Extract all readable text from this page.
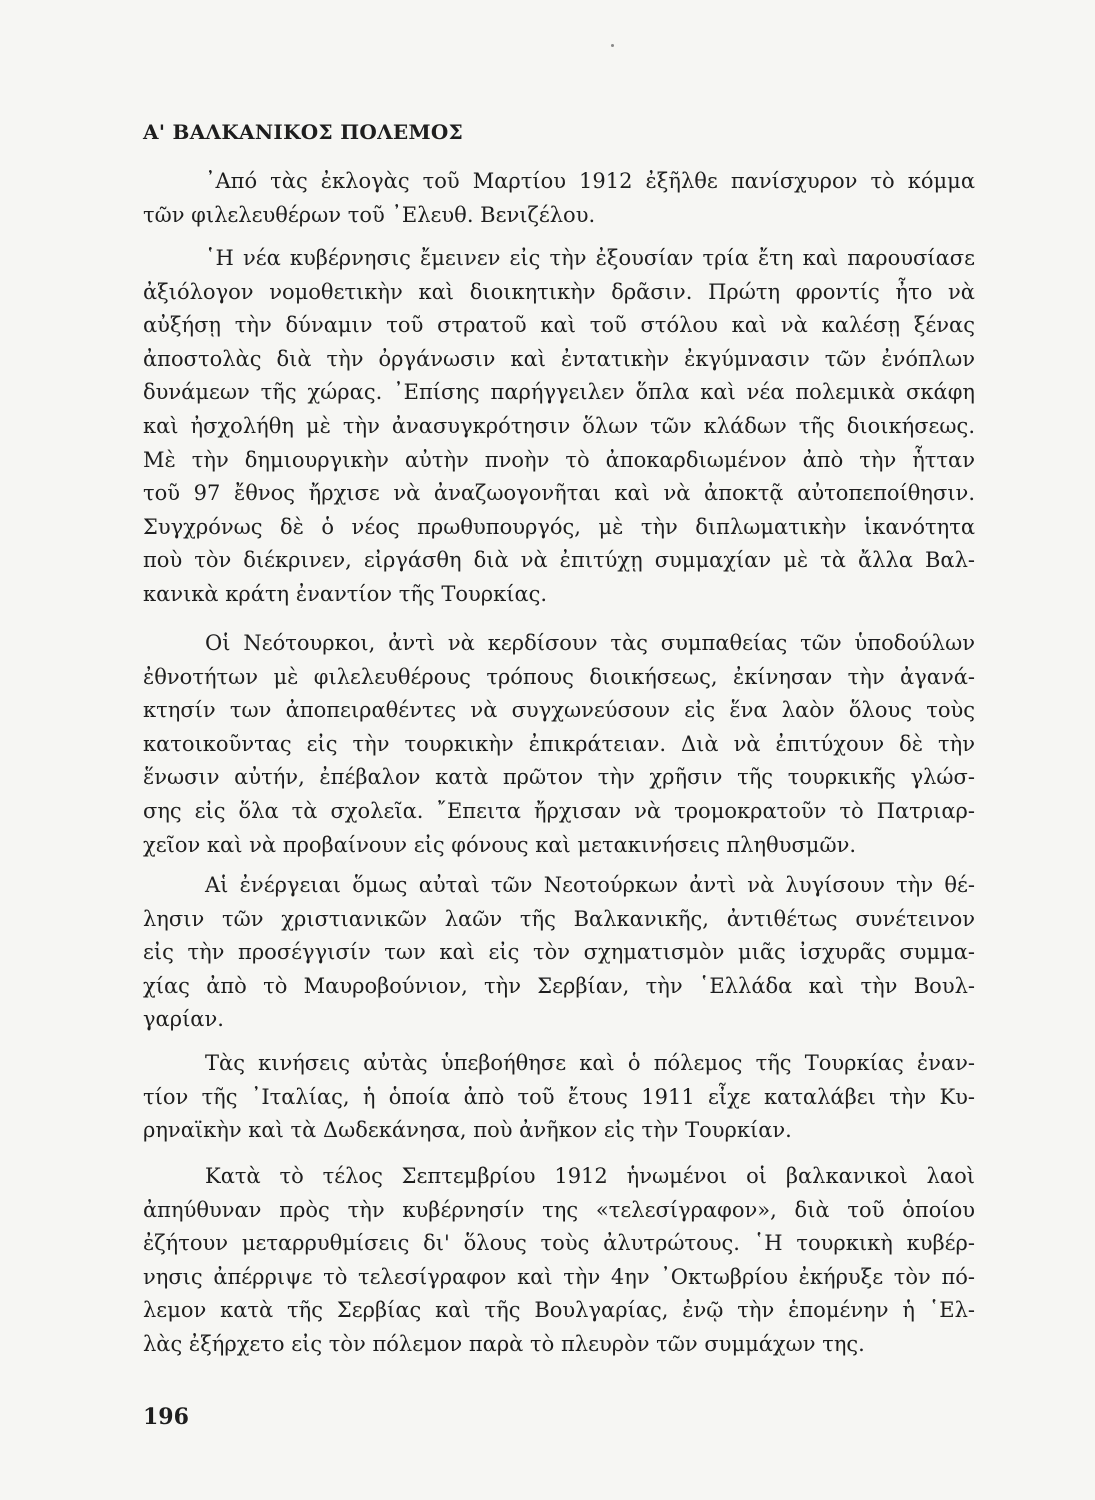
Α' ΒΑΛΚΑΝΙΚΟΣ ΠΟΛΕΜΟΣ
᾿Από τὰς ἐκλογὰς τοῦ Μαρτίου 1912 ἐξῆλθε πανίσχυρον τὸ κόμμα
τῶν φιλελευθέρων τοῦ ᾿Ελευθ. Βενιζέλου.
῾Η νέα κυβέρνησις ἔμεινεν εἰς τὴν ἐξουσίαν τρία ἔτη καὶ παρουσίασε
ἀξιόλογον νομοθετικὴν καὶ διοικητικὴν δρᾶσιν. Πρώτη φροντίς ἦτο νὰ
αὐξήσῃ τὴν δύναμιν τοῦ στρατοῦ καὶ τοῦ στόλου καὶ νὰ καλέσῃ ξένας
ἀποστολὰς διὰ τὴν ὀργάνωσιν καὶ ἐντατικὴν ἐκγύμνασιν τῶν ἐνόπλων
δυνάμεων τῆς χώρας. ᾿Επίσης παρήγγειλεν ὅπλα καὶ νέα πολεμικὰ σκάφη
καὶ ἠσχολήθη μὲ τὴν ἀνασυγκρότησιν ὅλων τῶν κλάδων τῆς διοικήσεως.
Μὲ τὴν δημιουργικὴν αὐτὴν πνοὴν τὸ ἀποκαρδιωμένον ἀπὸ τὴν ἧτταν
τοῦ 97 ἔθνος ἤρχισε νὰ ἀναζωογονῆται καὶ νὰ ἀποκτᾷ αὐτοπεποίθησιν.
Συγχρόνως δὲ ὁ νέος πρωθυπουργός, μὲ τὴν διπλωματικὴν ἱκανότητα
ποὺ τὸν διέκρινεν, εἰργάσθη διὰ νὰ ἐπιτύχῃ συμμαχίαν μὲ τὰ ἄλλα Βαλ-
κανικὰ κράτη ἐναντίον τῆς Τουρκίας.
Οἱ Νεότουρκοι, ἀντὶ νὰ κερδίσουν τὰς συμπαθείας τῶν ὑποδούλων
ἐθνοτήτων μὲ φιλελευθέρους τρόπους διοικήσεως, ἐκίνησαν τὴν ἀγανά-
κτησίν των ἀποπειραθέντες νὰ συγχωνεύσουν εἰς ἕνα λαὸν ὅλους τοὺς
κατοικοῦντας εἰς τὴν τουρκικὴν ἐπικράτειαν. Διὰ νὰ ἐπιτύχουν δὲ τὴν
ἕνωσιν αὐτήν, ἐπέβαλον κατὰ πρῶτον τὴν χρῆσιν τῆς τουρκικῆς γλώσ-
σης εἰς ὅλα τὰ σχολεῖα. ῎Επειτα ἤρχισαν νὰ τρομοκρατοῦν τὸ Πατριαρ-
χεῖον καὶ νὰ προβαίνουν εἰς φόνους καὶ μετακινήσεις πληθυσμῶν.
Αἱ ἐνέργειαι ὅμως αὐταὶ τῶν Νεοτούρκων ἀντὶ νὰ λυγίσουν τὴν θέ-
λησιν τῶν χριστιανικῶν λαῶν τῆς Βαλκανικῆς, ἀντιθέτως συνέτεινον
εἰς τὴν προσέγγισίν των καὶ εἰς τὸν σχηματισμὸν μιᾶς ἰσχυρᾶς συμμα-
χίας ἀπὸ τὸ Μαυροβούνιον, τὴν Σερβίαν, τὴν ῾Ελλάδα καὶ τὴν Βουλ-
γαρίαν.
Τὰς κινήσεις αὐτὰς ὑπεβοήθησε καὶ ὁ πόλεμος τῆς Τουρκίας ἐναν-
τίον τῆς ᾿Ιταλίας, ἡ ὁποία ἀπὸ τοῦ ἔτους 1911 εἶχε καταλάβει τὴν Κυ-
ρηναϊκὴν καὶ τὰ Δωδεκάνησα, ποὺ ἀνῆκον εἰς τὴν Τουρκίαν.
Κατὰ τὸ τέλος Σεπτεμβρίου 1912 ἡνωμένοι οἱ βαλκανικοὶ λαοὶ
ἀπηύθυναν πρὸς τὴν κυβέρνησίν της «τελεσίγραφον», διὰ τοῦ ὁποίου
ἐζήτουν μεταρρυθμίσεις δι' ὅλους τοὺς ἀλυτρώτους. ῾Η τουρκικὴ κυβέρ-
νησις ἀπέρριψε τὸ τελεσίγραφον καὶ τὴν 4ην ᾿Οκτωβρίου ἐκήρυξε τὸν πό-
λεμον κατὰ τῆς Σερβίας καὶ τῆς Βουλγαρίας, ἐνῷ τὴν ἑπομένην ἡ ῾Ελ-
λὰς ἐξήρχετο εἰς τὸν πόλεμον παρὰ τὸ πλευρὸν τῶν συμμάχων της.
196
